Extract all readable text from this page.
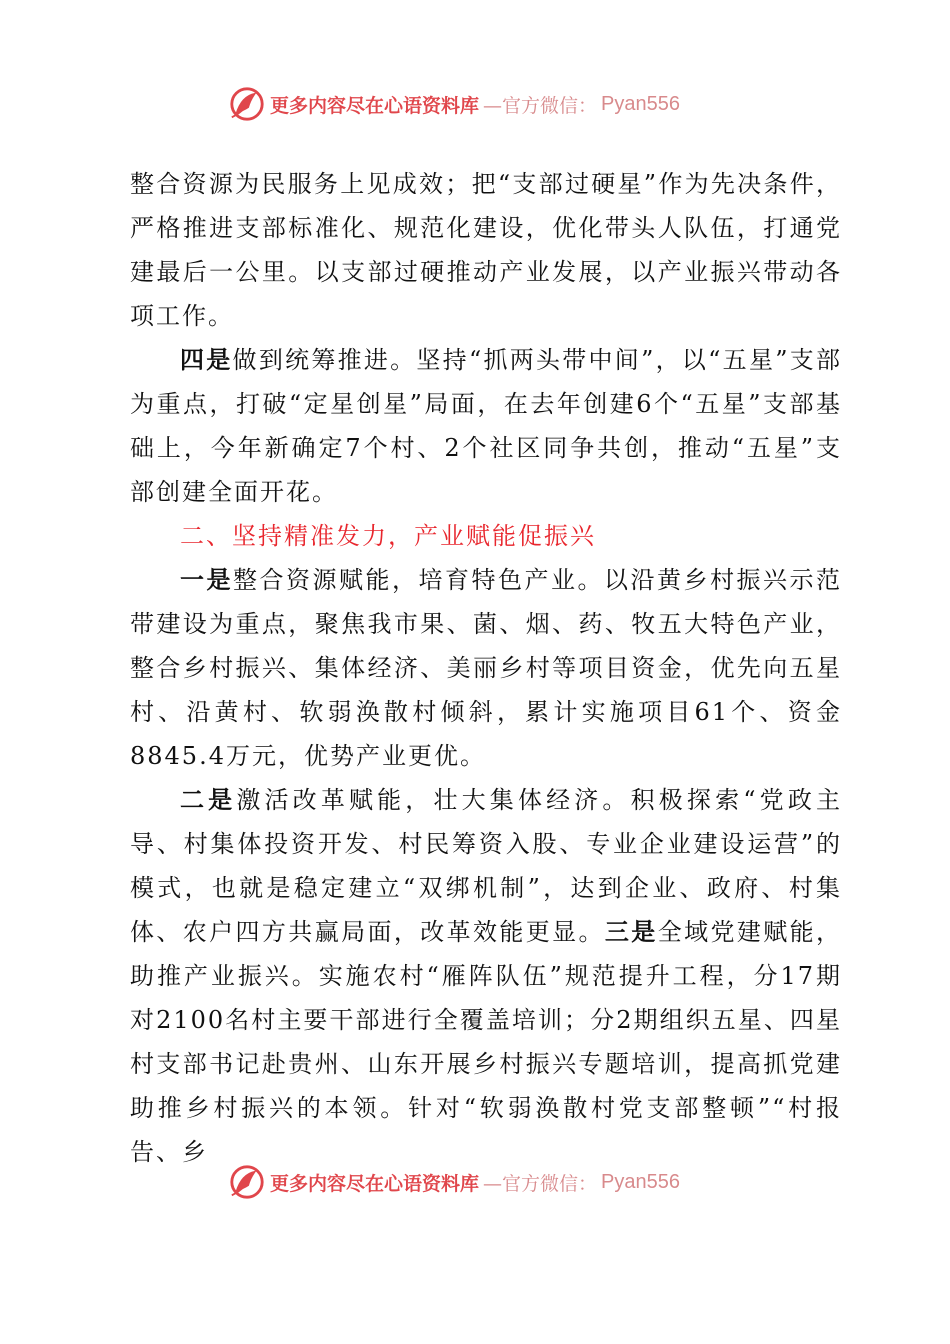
更多内容尽在心语资料库 —官方微信： Pyan556

整合资源为民服务上见成效；把“支部过硬星”作为先决条件，严格推进支部标准化、规范化建设，优化带头人队伍，打通党建最后一公里。以支部过硬推动产业发展，以产业振兴带动各项工作。

四是做到统筹推进。坚持“抓两头带中间”，以“五星”支部为重点，打破“定星创星”局面，在去年创建6个“五星”支部基础上，今年新确定7个村、2个社区同争共创，推动“五星”支部创建全面开花。

二、坚持精准发力，产业赋能促振兴

一是整合资源赋能，培育特色产业。以沿黄乡村振兴示范带建设为重点，聚焦我市果、菌、烟、药、牧五大特色产业，整合乡村振兴、集体经济、美丽乡村等项目资金，优先向五星村、沿黄村、软弱涣散村倾斜，累计实施项目61个、资金8845.4万元，优势产业更优。

二是激活改革赋能，壮大集体经济。积极探索“党政主导、村集体投资开发、村民筹资入股、专业企业建设运营”的模式，也就是稳定建立“双绑机制”，达到企业、政府、村集体、农户四方共赢局面，改革效能更显。三是全域党建赋能，助推产业振兴。实施农村“雁阵队伍”规范提升工程，分17期对2100名村主要干部进行全覆盖培训；分2期组织五星、四星村支部书记赴贵州、山东开展乡村振兴专题培训，提高抓党建助推乡村振兴的本领。针对“软弱涣散村党支部整顿”“村报告、乡

更多内容尽在心语资料库 —官方微信： Pyan556
